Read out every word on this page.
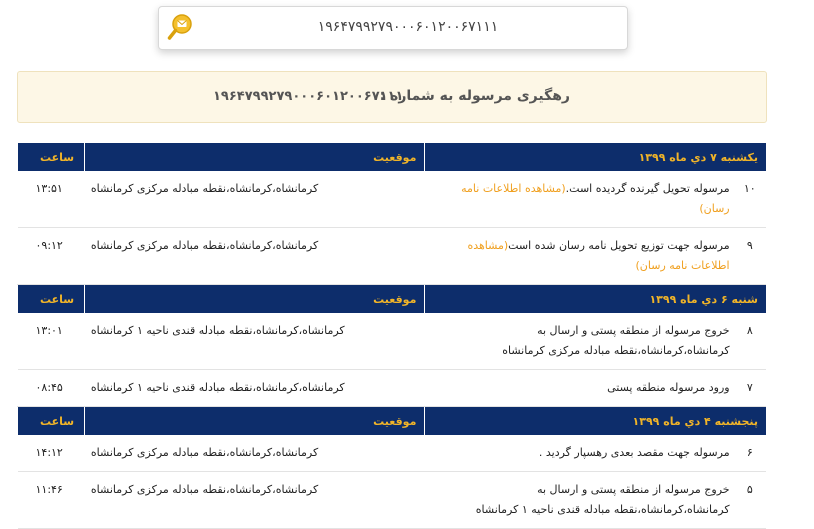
۱۹۶۴۷۹۹۲۷۹۰۰۰۶۰۱۲۰۰۶۷۱۱۱
رهگیری مرسوله به شماره :
۱۹۶۴۷۹۹۲۷۹۰۰۰۶۰۱۲۰۰۶۷۱۱۱
یکشنبه ۷ دي ماه ۱۳۹۹		موقعیت	ساعت
۱۰	مرسوله تحویل گیرنده گردیده است.(مشاهده اطلاعات نامه رسان)	کرمانشاه،کرمانشاه،نقطه مبادله مرکزی کرمانشاه	۱۳:۵۱
۹	مرسوله جهت توزیع تحویل نامه رسان شده است(مشاهده اطلاعات نامه رسان)	کرمانشاه،کرمانشاه،نقطه مبادله مرکزی کرمانشاه	۰۹:۱۲
شنبه ۶ دي ماه ۱۳۹۹		موقعیت	ساعت
۸	خروج مرسوله از منطقه پستی و ارسال به کرمانشاه،کرمانشاه،نقطه مبادله مرکزی کرمانشاه	کرمانشاه،کرمانشاه،نقطه مبادله قندی ناحیه ۱ کرمانشاه	۱۳:۰۱
۷	ورود مرسوله منطقه پستی	کرمانشاه،کرمانشاه،نقطه مبادله قندی ناحیه ۱ کرمانشاه	۰۸:۴۵
پنجشنبه ۴ دي ماه ۱۳۹۹		موقعیت	ساعت
۶	مرسوله جهت مقصد بعدی رهسپار گردید .	کرمانشاه،کرمانشاه،نقطه مبادله مرکزی کرمانشاه	۱۴:۱۲
۵	خروج مرسوله از منطقه پستی و ارسال به کرمانشاه،کرمانشاه،نقطه مبادله قندی ناحیه ۱ کرمانشاه	کرمانشاه،کرمانشاه،نقطه مبادله مرکزی کرمانشاه	۱۱:۴۶
